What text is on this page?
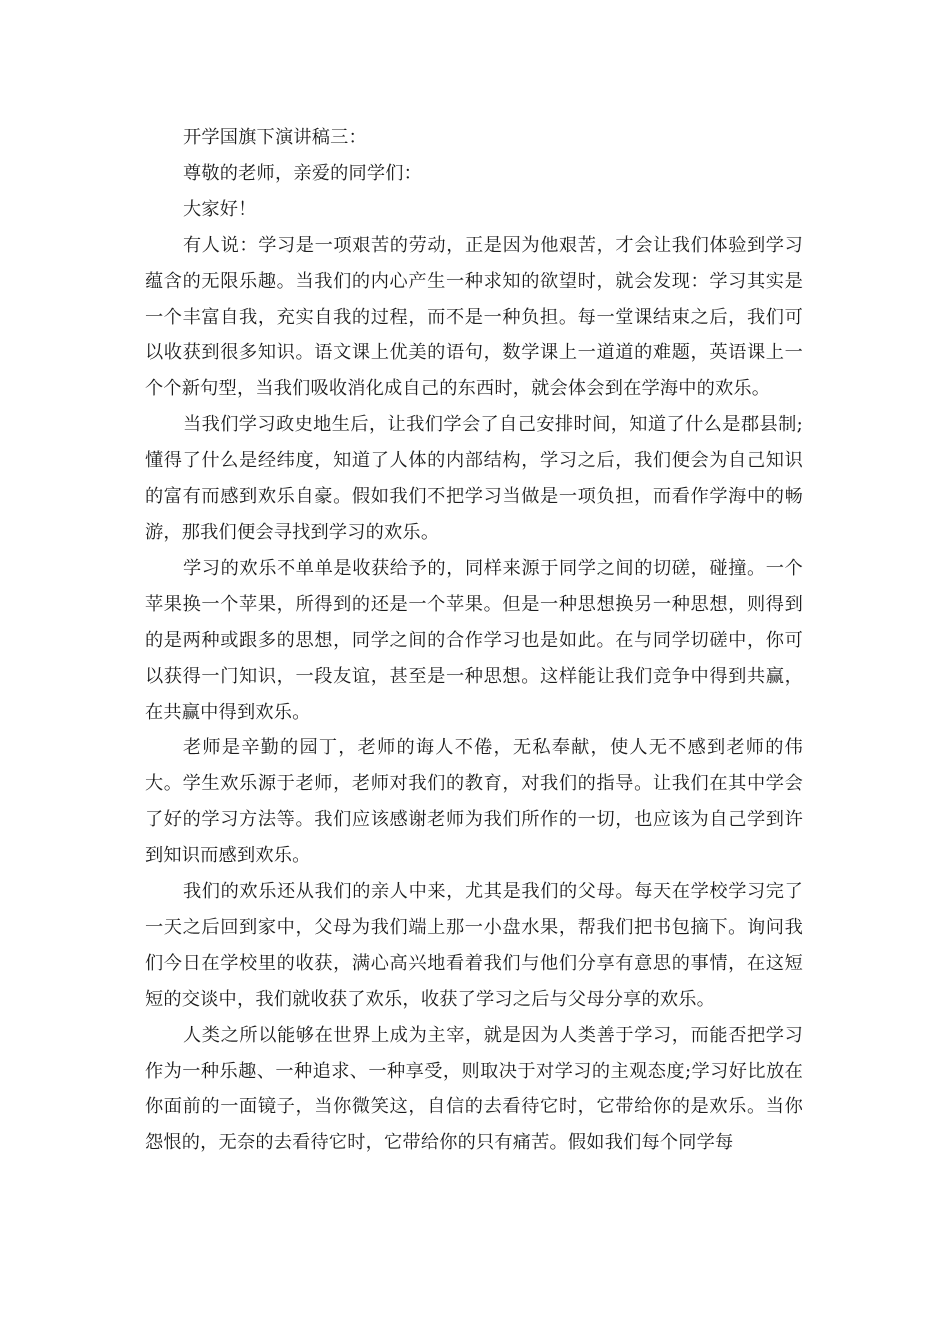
开学国旗下演讲稿三：

尊敬的老师，亲爱的同学们：

大家好！

有人说：学习是一项艰苦的劳动，正是因为他艰苦，才会让我们体验到学习蕴含的无限乐趣。当我们的内心产生一种求知的欲望时，就会发现：学习其实是一个丰富自我，充实自我的过程，而不是一种负担。每一堂课结束之后，我们可以收获到很多知识。语文课上优美的语句，数学课上一道道的难题，英语课上一个个新句型，当我们吸收消化成自己的东西时，就会体会到在学海中的欢乐。

当我们学习政史地生后，让我们学会了自己安排时间，知道了什么是郡县制;懂得了什么是经纬度，知道了人体的内部结构，学习之后，我们便会为自己知识的富有而感到欢乐自豪。假如我们不把学习当做是一项负担，而看作学海中的畅游，那我们便会寻找到学习的欢乐。

学习的欢乐不单单是收获给予的，同样来源于同学之间的切磋，碰撞。一个苹果换一个苹果，所得到的还是一个苹果。但是一种思想换另一种思想，则得到的是两种或跟多的思想，同学之间的合作学习也是如此。在与同学切磋中，你可以获得一门知识，一段友谊，甚至是一种思想。这样能让我们竞争中得到共赢，在共赢中得到欢乐。

老师是辛勤的园丁，老师的诲人不倦，无私奉献，使人无不感到老师的伟大。学生欢乐源于老师，老师对我们的教育，对我们的指导。让我们在其中学会了好的学习方法等。我们应该感谢老师为我们所作的一切，也应该为自己学到许到知识而感到欢乐。

我们的欢乐还从我们的亲人中来，尤其是我们的父母。每天在学校学习完了一天之后回到家中，父母为我们端上那一小盘水果，帮我们把书包摘下。询问我们今日在学校里的收获，满心高兴地看着我们与他们分享有意思的事情，在这短短的交谈中，我们就收获了欢乐，收获了学习之后与父母分享的欢乐。

人类之所以能够在世界上成为主宰，就是因为人类善于学习，而能否把学习作为一种乐趣、一种追求、一种享受，则取决于对学习的主观态度;学习好比放在你面前的一面镜子，当你微笑这，自信的去看待它时，它带给你的是欢乐。当你怨恨的，无奈的去看待它时，它带给你的只有痛苦。假如我们每个同学每
